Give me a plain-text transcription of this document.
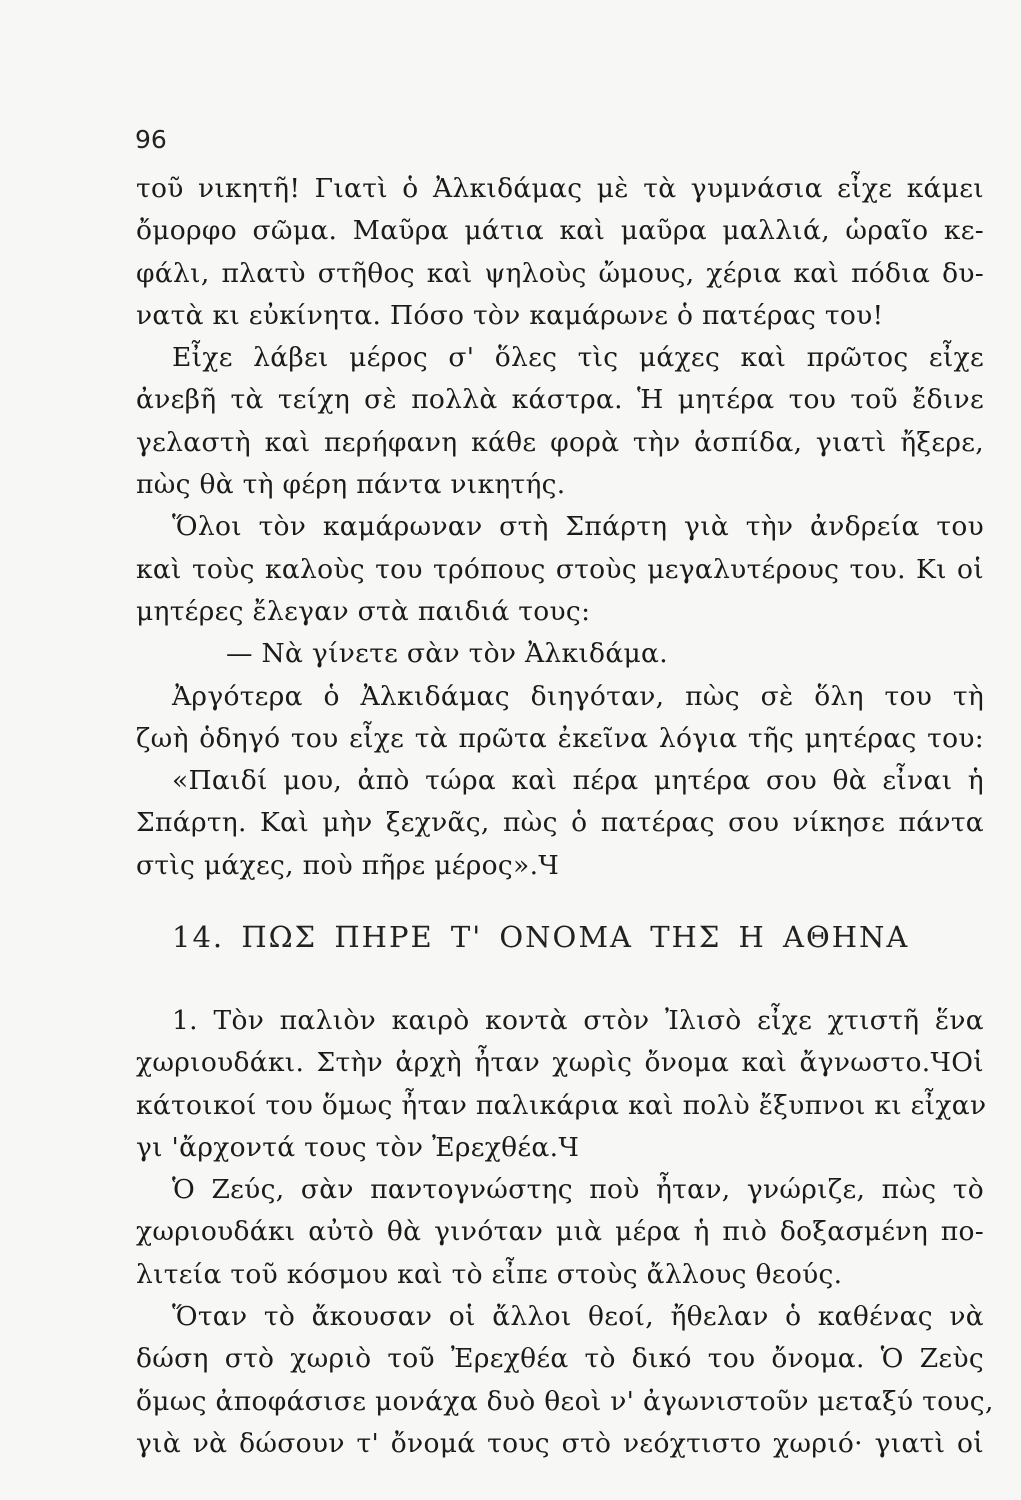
96
τοῦ νικητῆ! Γιατὶ ὁ Ἀλκιδάμας μὲ τὰ γυμνάσια εἶχε κάμει
ὄμορφο σῶμα. Μαῦρα μάτια καὶ μαῦρα μαλλιά, ὡραῖο κε-
φάλι, πλατὺ στῆθος καὶ ψηλοὺς ὤμους, χέρια καὶ πόδια δυ-
νατὰ κι εὐκίνητα. Πόσο τὸν καμάρωνε ὁ πατέρας του!
Εἶχε λάβει μέρος σ' ὅλες τὶς μάχες καὶ πρῶτος εἶχε
ἀνεβῆ τὰ τείχη σὲ πολλὰ κάστρα. Ἡ μητέρα του τοῦ ἔδινε
γελαστὴ καὶ περήφανη κάθε φορὰ τὴν ἀσπίδα, γιατὶ ἤξερε,
πὼς θὰ τὴ φέρη πάντα νικητής.
Ὅλοι τὸν καμάρωναν στὴ Σπάρτη γιὰ τὴν ἀνδρεία του
καὶ τοὺς καλοὺς του τρόπους στοὺς μεγαλυτέρους του. Κι οἱ
μητέρες ἔλεγαν στὰ παιδιά τους:
— Νὰ γίνετε σὰν τὸν Ἀλκιδάμα.
Ἀργότερα ὁ Ἀλκιδάμας διηγόταν, πὼς σὲ ὅλη του τὴ
ζωὴ ὁδηγό του εἶχε τὰ πρῶτα ἐκεῖνα λόγια τῆς μητέρας του:
«Παιδί μου, ἀπὸ τώρα καὶ πέρα μητέρα σου θὰ εἶναι ἡ
Σπάρτη. Καὶ μὴν ξεχνᾶς, πὼς ὁ πατέρας σου νίκησε πάντα
στὶς μάχες, ποὺ πῆρε μέρος».Ч
14. ΠΩΣ ΠΗΡΕ Τ' ΟΝΟΜΑ ΤΗΣ Η ΑΘΗΝΑ
1. Τὸν παλιὸν καιρὸ κοντὰ στὸν Ἰλισὸ εἶχε χτιστῆ ἕνα
χωριουδάκι. Στὴν ἀρχὴ ἦταν χωρὶς ὄνομα καὶ ἄγνωστο.ЧΟἱ
κάτοικοί του ὅμως ἦταν παλικάρια καὶ πολὺ ἔξυπνοι κι εἶχαν
γι 'ἄρχοντά τους τὸν Ἐρεχθέα.Ч
Ὁ Ζεύς, σὰν παντογνώστης ποὺ ἦταν, γνώριζε, πὼς τὸ
χωριουδάκι αὐτὸ θὰ γινόταν μιὰ μέρα ἡ πιὸ δοξασμένη πο-
λιτεία τοῦ κόσμου καὶ τὸ εἶπε στοὺς ἄλλους θεούς.
Ὅταν τὸ ἄκουσαν οἱ ἄλλοι θεοί, ἤθελαν ὁ καθένας νὰ
δώση στὸ χωριὸ τοῦ Ἐρεχθέα τὸ δικό του ὄνομα. Ὁ Ζεὺς
ὅμως ἀποφάσισε μονάχα δυὸ θεοὶ ν' ἀγωνιστοῦν μεταξύ τους,
γιὰ νὰ δώσουν τ' ὄνομά τους στὸ νεόχτιστο χωριό· γιατὶ οἱ
